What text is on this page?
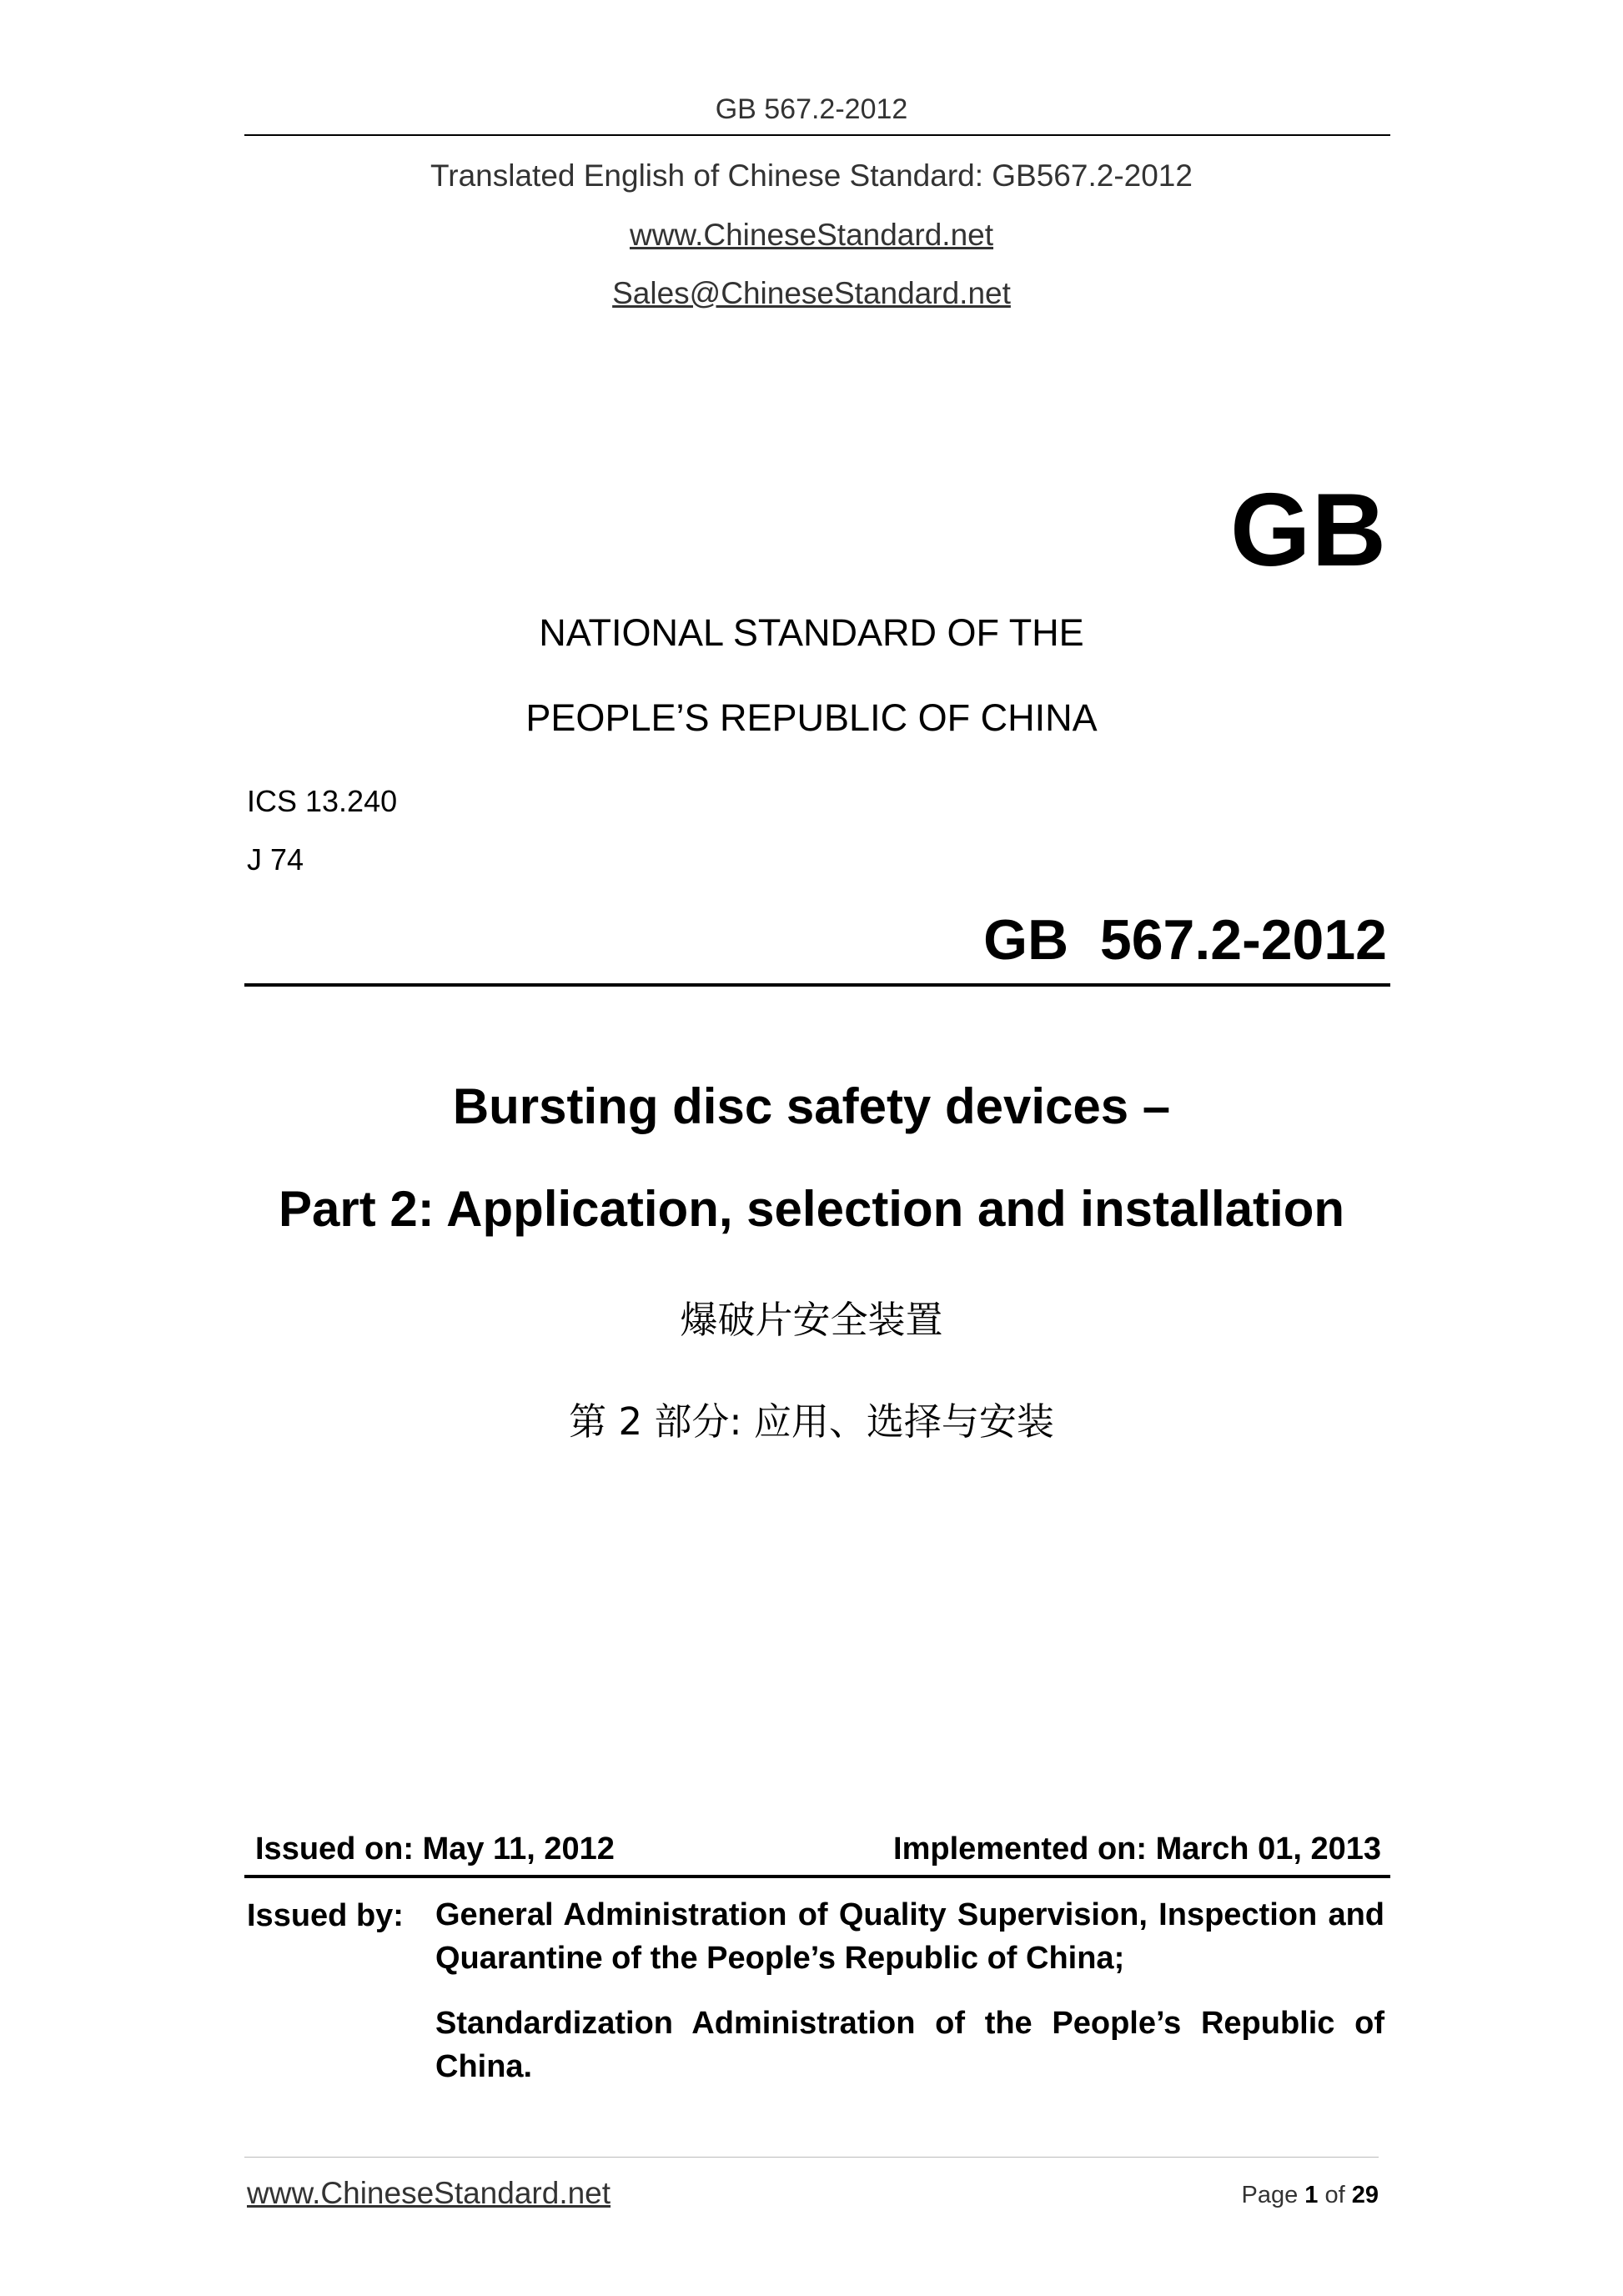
GB 567.2-2012
Translated English of Chinese Standard: GB567.2-2012
www.ChineseStandard.net
Sales@ChineseStandard.net
GB
NATIONAL STANDARD OF THE
PEOPLE’S REPUBLIC OF CHINA
ICS 13.240
J 74
GB  567.2-2012
Bursting disc safety devices –
Part 2: Application, selection and installation
爆破片安全装置
第 2 部分: 应用、选择与安装
Issued on: May 11, 2012	Implemented on: March 01, 2013
Issued by: General Administration of Quality Supervision, Inspection and Quarantine of the People’s Republic of China;
Standardization Administration of the People’s Republic of China.
www.ChineseStandard.net	Page 1 of 29
